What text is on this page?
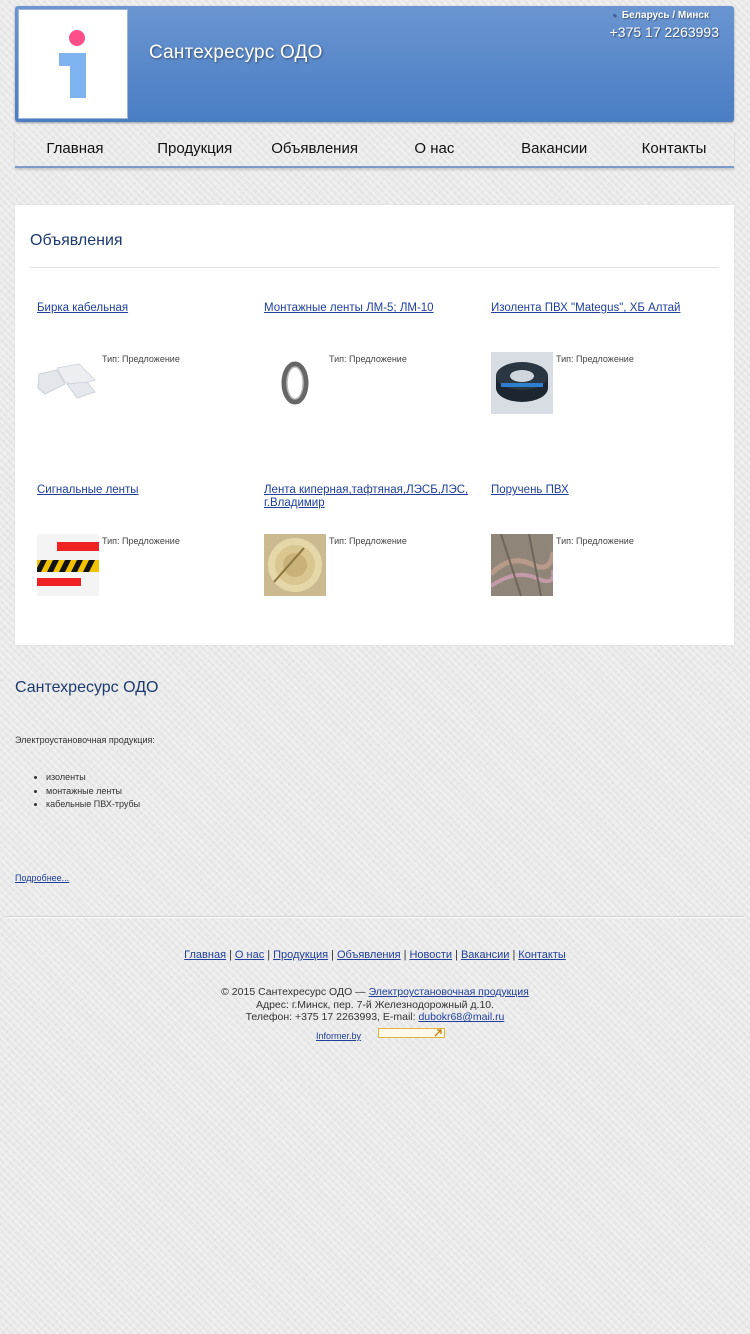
Сантехресурс ОДО
• Беларусь / Минск
+375 17 2263993
Главная	Продукция	Объявления	О нас	Вакансии	Контакты
Объявления
Бирка кабельная
Тип: Предложение
Монтажные ленты ЛМ-5; ЛМ-10
Тип: Предложение
Изолента ПВХ "Mategus", ХБ Алтай
Тип: Предложение
Сигнальные ленты
Тип: Предложение
Лента киперная,тафтяная,ЛЭСБ,ЛЭС, г.Владимир
Тип: Предложение
Поручень ПВХ
Тип: Предложение
Сантехресурс ОДО
Электроустановочная продукция:
• изоленты
• монтажные ленты
• кабельные ПВХ-трубы
Подробнее...
Главная | О нас | Продукция | Объявления | Новости | Вакансии | Контакты
© 2015 Сантехресурс ОДО — Электроустановочная продукция
Адрес: г.Минск, пер. 7-й Железнодорожный д.10.
Телефон: +375 17 2263993, E-mail: dubokr68@mail.ru
Informer.by
